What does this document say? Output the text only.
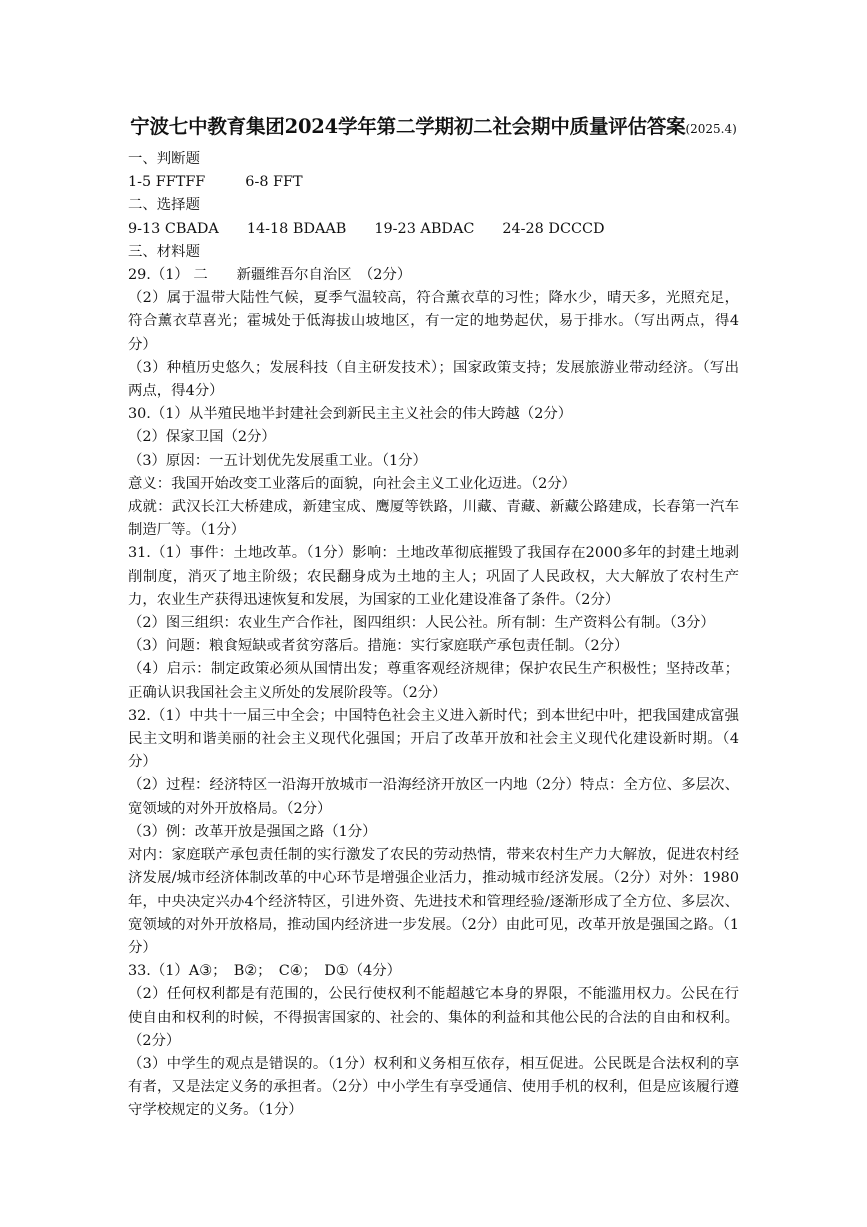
宁波七中教育集团2024学年第二学期初二社会期中质量评估答案(2025.4)
一、判断题
1-5 FFTFF	6-8 FFT
二、选择题
9-13 CBADA 14-18 BDAAB 19-23 ABDAC 24-28 DCCCD
三、材料题
29.（1） 二　　新疆维吾尔自治区　（2分）
（2）属于温带大陆性气候，夏季气温较高，符合薰衣草的习性；降水少，晴天多，光照充足，符合薰衣草喜光；霍城处于低海拔山坡地区，有一定的地势起伏，易于排水。（写出两点，得4分）
（3）种植历史悠久；发展科技（自主研发技术）；国家政策支持；发展旅游业带动经济。（写出两点，得4分）
30.（1）从半殖民地半封建社会到新民主主义社会的伟大跨越（2分）
（2）保家卫国（2分）
（3）原因：一五计划优先发展重工业。（1分）
意义：我国开始改变工业落后的面貌，向社会主义工业化迈进。（2分）
成就：武汉长江大桥建成，新建宝成、鹰厦等铁路，川藏、青藏、新藏公路建成，长春第一汽车制造厂等。（1分）
31.（1）事件：土地改革。（1分）影响：土地改革彻底摧毁了我国存在2000多年的封建土地剥削制度，消灭了地主阶级；农民翻身成为土地的主人；巩固了人民政权，大大解放了农村生产力，农业生产获得迅速恢复和发展，为国家的工业化建设准备了条件。（2分）
（2）图三组织：农业生产合作社，图四组织：人民公社。所有制：生产资料公有制。（3分）
（3）问题：粮食短缺或者贫穷落后。措施：实行家庭联产承包责任制。（2分）
（4）启示：制定政策必须从国情出发；尊重客观经济规律；保护农民生产积极性；坚持改革；正确认识我国社会主义所处的发展阶段等。（2分）
32.（1）中共十一届三中全会；中国特色社会主义进入新时代；到本世纪中叶，把我国建成富强民主文明和谐美丽的社会主义现代化强国；开启了改革开放和社会主义现代化建设新时期。（4分）
（2）过程：经济特区一沿海开放城市一沿海经济开放区一内地（2分）特点：全方位、多层次、宽领域的对外开放格局。（2分）
（3）例：改革开放是强国之路（1分）
对内：家庭联产承包责任制的实行激发了农民的劳动热情，带来农村生产力大解放，促进农村经济发展/城市经济体制改革的中心环节是增强企业活力，推动城市经济发展。（2分）对外：1980年，中央决定兴办4个经济特区，引进外资、先进技术和管理经验/逐渐形成了全方位、多层次、宽领域的对外开放格局，推动国内经济进一步发展。（2分）由此可见，改革开放是强国之路。（1分）
33.（1）A③；　B②；　C④；　D①（4分）
（2）任何权利都是有范围的，公民行使权利不能超越它本身的界限，不能滥用权力。公民在行使自由和权利的时候，不得损害国家的、社会的、集体的利益和其他公民的合法的自由和权利。（2分）
（3）中学生的观点是错误的。（1分）权利和义务相互依存，相互促进。公民既是合法权利的享有者，又是法定义务的承担者。（2分）中小学生有享受通信、使用手机的权利，但是应该履行遵守学校规定的义务。（1分）
